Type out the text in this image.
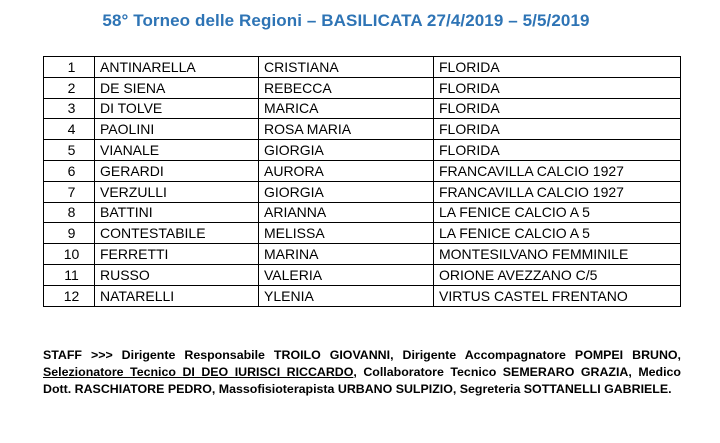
58° Torneo delle Regioni – BASILICATA 27/4/2019 – 5/5/2019
1	ANTINARELLA	CRISTIANA	FLORIDA
2	DE SIENA	REBECCA	FLORIDA
3	DI TOLVE	MARICA	FLORIDA
4	PAOLINI	ROSA MARIA	FLORIDA
5	VIANALE	GIORGIA	FLORIDA
6	GERARDI	AURORA	FRANCAVILLA CALCIO 1927
7	VERZULLI	GIORGIA	FRANCAVILLA CALCIO 1927
8	BATTINI	ARIANNA	LA FENICE CALCIO A 5
9	CONTESTABILE	MELISSA	LA FENICE CALCIO A 5
10	FERRETTI	MARINA	MONTESILVANO FEMMINILE
11	RUSSO	VALERIA	ORIONE AVEZZANO C/5
12	NATARELLI	YLENIA	VIRTUS CASTEL FRENTANO
STAFF >>> Dirigente Responsabile TROILO GIOVANNI, Dirigente Accompagnatore POMPEI BRUNO, Selezionatore Tecnico DI DEO IURISCI RICCARDO, Collaboratore Tecnico SEMERARO GRAZIA, Medico Dott. RASCHIATORE PEDRO, Massofisioterapista URBANO SULPIZIO, Segreteria SOTTANELLI GABRIELE.
